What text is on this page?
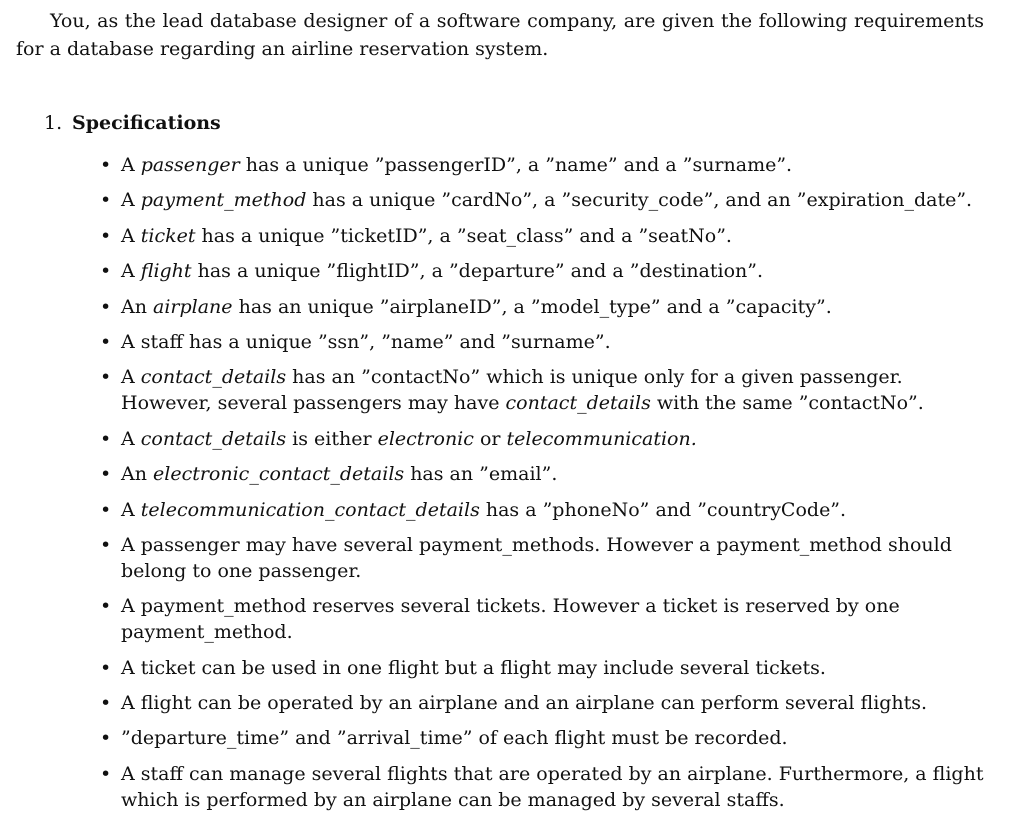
You, as the lead database designer of a software company, are given the following requirements for a database regarding an airline reservation system.

1. Specifications
• A passenger has a unique ”passengerID”, a ”name” and a ”surname”.
• A payment_method has a unique ”cardNo”, a ”security_code”, and an ”expiration_date”.
• A ticket has a unique ”ticketID”, a ”seat_class” and a ”seatNo”.
• A flight has a unique ”flightID”, a ”departure” and a ”destination”.
• An airplane has an unique ”airplaneID”, a ”model_type” and a ”capacity”.
• A staff has a unique ”ssn”, ”name” and ”surname”.
• A contact_details has an ”contactNo” which is unique only for a given passenger. However, several passengers may have contact_details with the same ”contactNo”.
• A contact_details is either electronic or telecommunication.
• An electronic_contact_details has an ”email”.
• A telecommunication_contact_details has a ”phoneNo” and ”countryCode”.
• A passenger may have several payment_methods. However a payment_method should belong to one passenger.
• A payment_method reserves several tickets. However a ticket is reserved by one payment_method.
• A ticket can be used in one flight but a flight may include several tickets.
• A flight can be operated by an airplane and an airplane can perform several flights.
• ”departure_time” and ”arrival_time” of each flight must be recorded.
• A staff can manage several flights that are operated by an airplane. Furthermore, a flight which is performed by an airplane can be managed by several staffs.
